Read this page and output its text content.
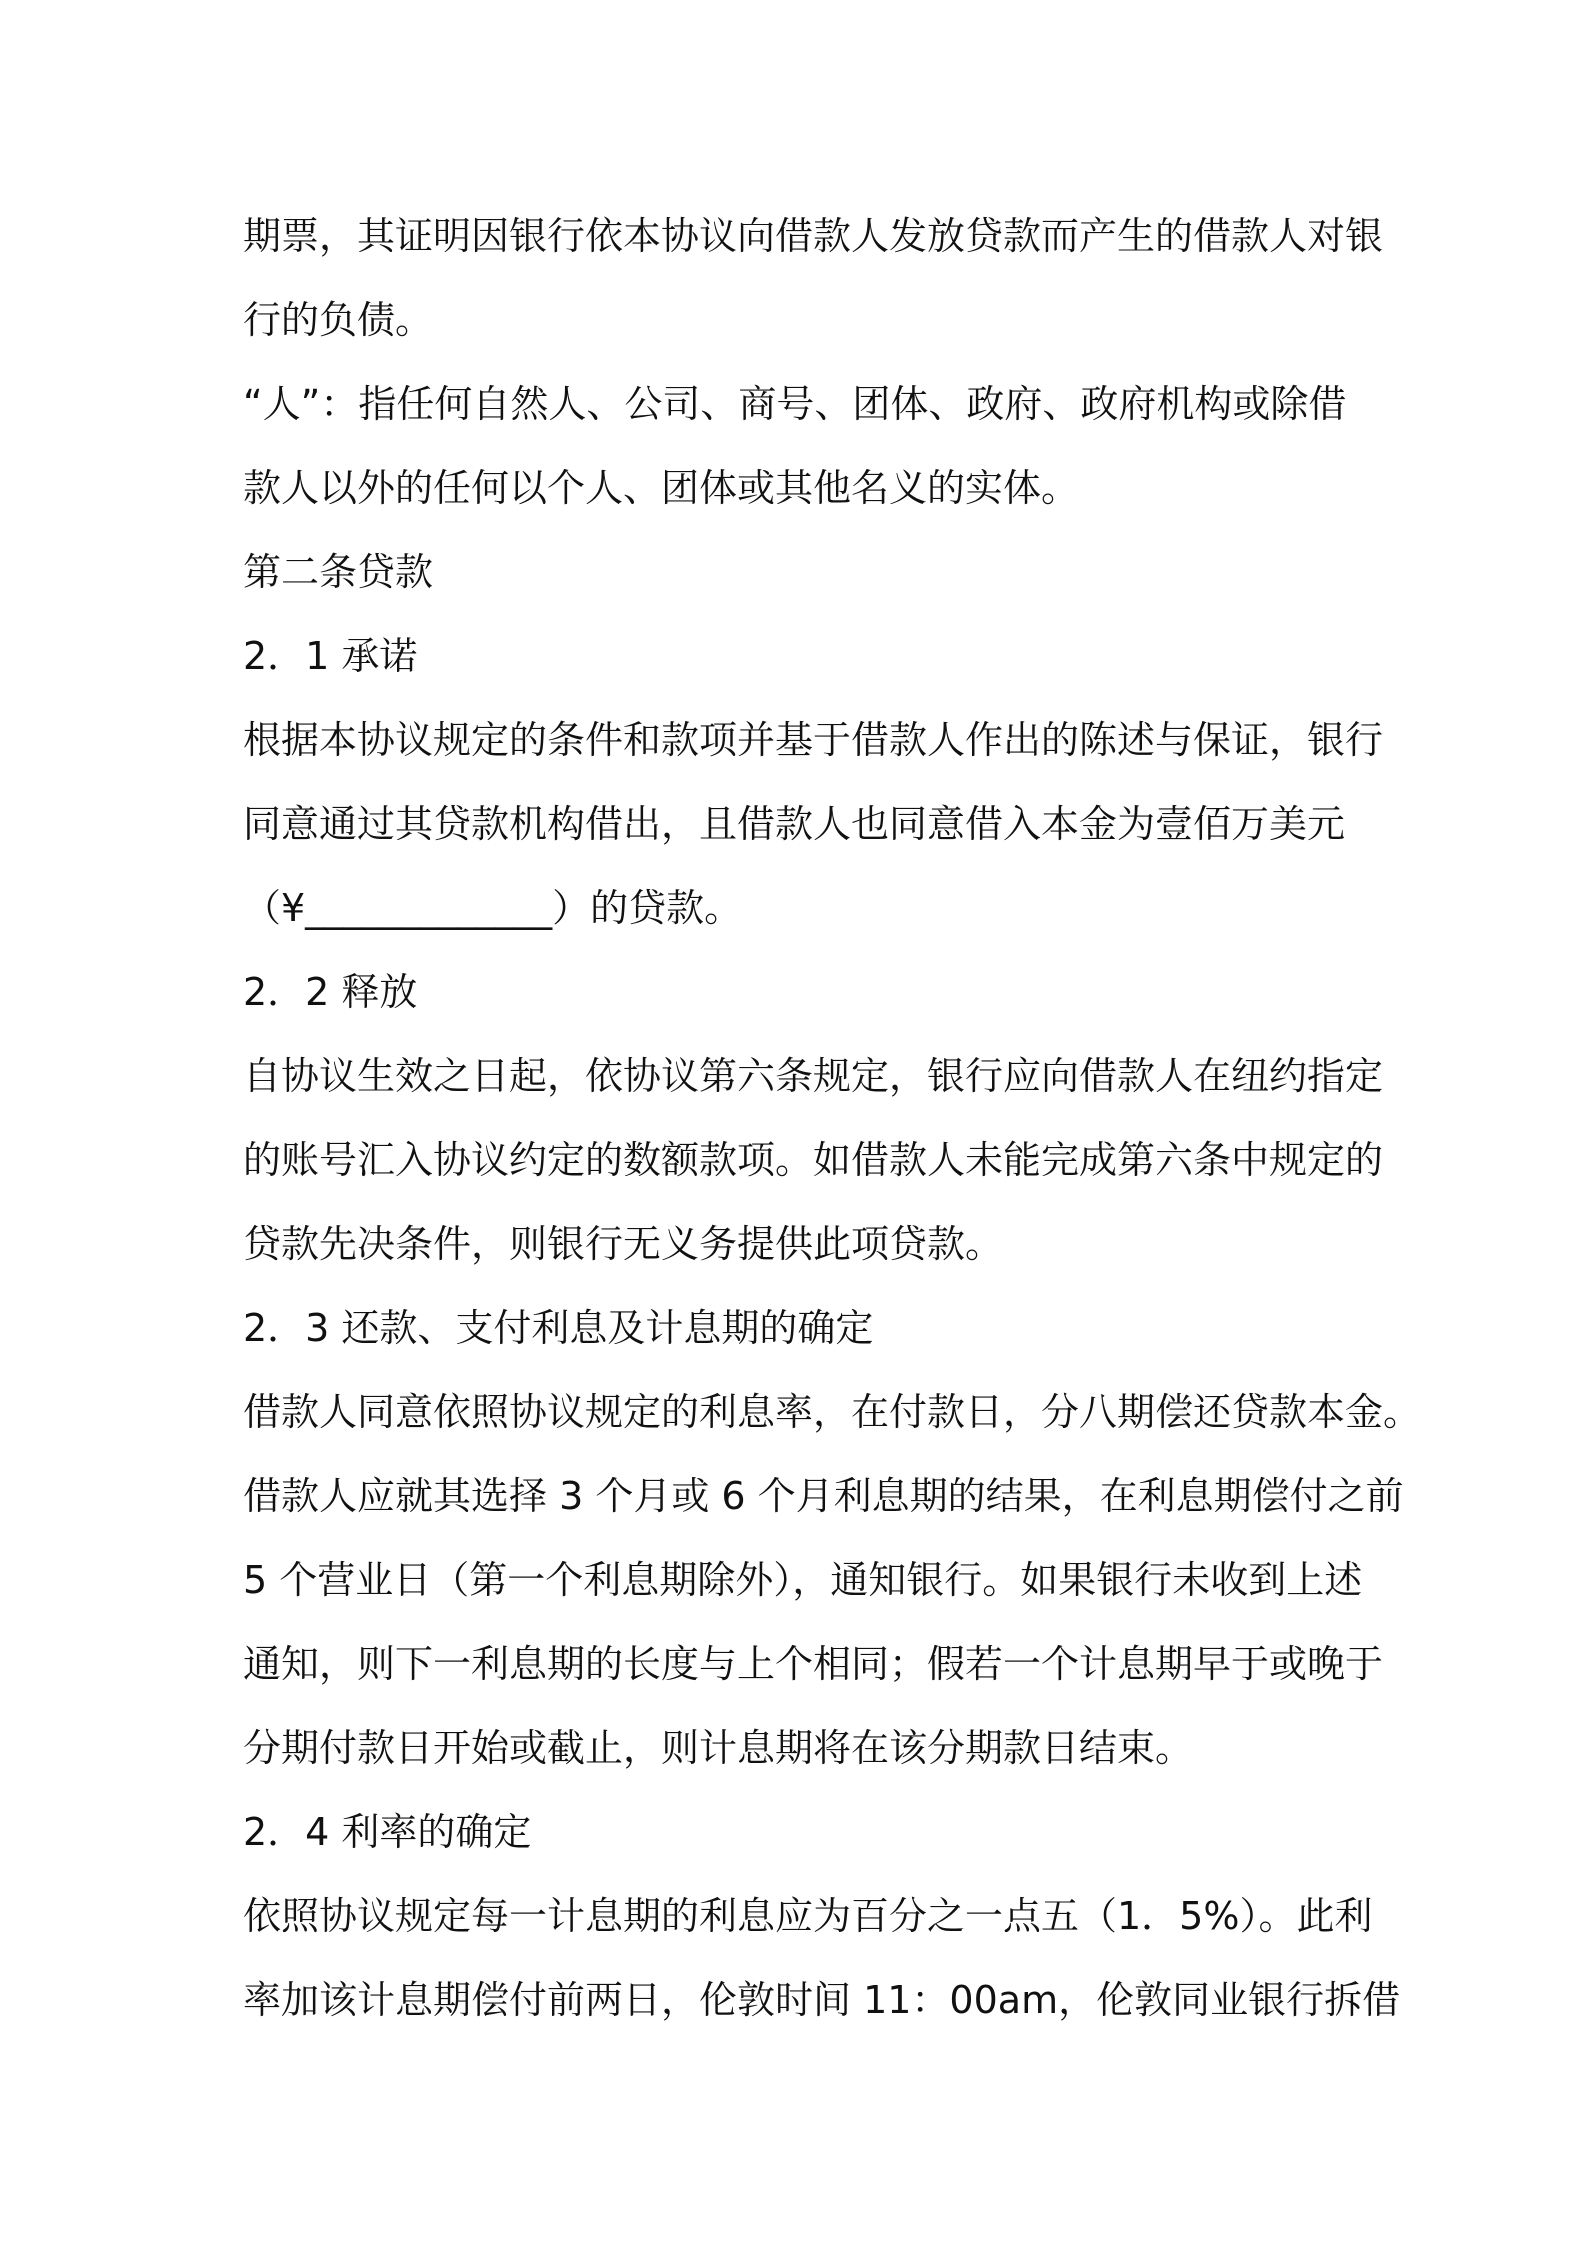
期票，其证明因银行依本协议向借款人发放贷款而产生的借款人对银
行的负债。
“人”：指任何自然人、公司、商号、团体、政府、政府机构或除借
款人以外的任何以个人、团体或其他名义的实体。
第二条贷款
2．1 承诺
根据本协议规定的条件和款项并基于借款人作出的陈述与保证，银行
同意通过其贷款机构借出，且借款人也同意借入本金为壹佰万美元
（¥_____________）的贷款。
2．2 释放
自协议生效之日起，依协议第六条规定，银行应向借款人在纽约指定
的账号汇入协议约定的数额款项。如借款人未能完成第六条中规定的
贷款先决条件，则银行无义务提供此项贷款。
2．3 还款、支付利息及计息期的确定
借款人同意依照协议规定的利息率，在付款日，分八期偿还贷款本金。
借款人应就其选择 3 个月或 6 个月利息期的结果，在利息期偿付之前
5 个营业日（第一个利息期除外），通知银行。如果银行未收到上述
通知，则下一利息期的长度与上个相同；假若一个计息期早于或晚于
分期付款日开始或截止，则计息期将在该分期款日结束。
2．4 利率的确定
依照协议规定每一计息期的利息应为百分之一点五（1．5%）。此利
率加该计息期偿付前两日，伦敦时间 11：00am，伦敦同业银行拆借
